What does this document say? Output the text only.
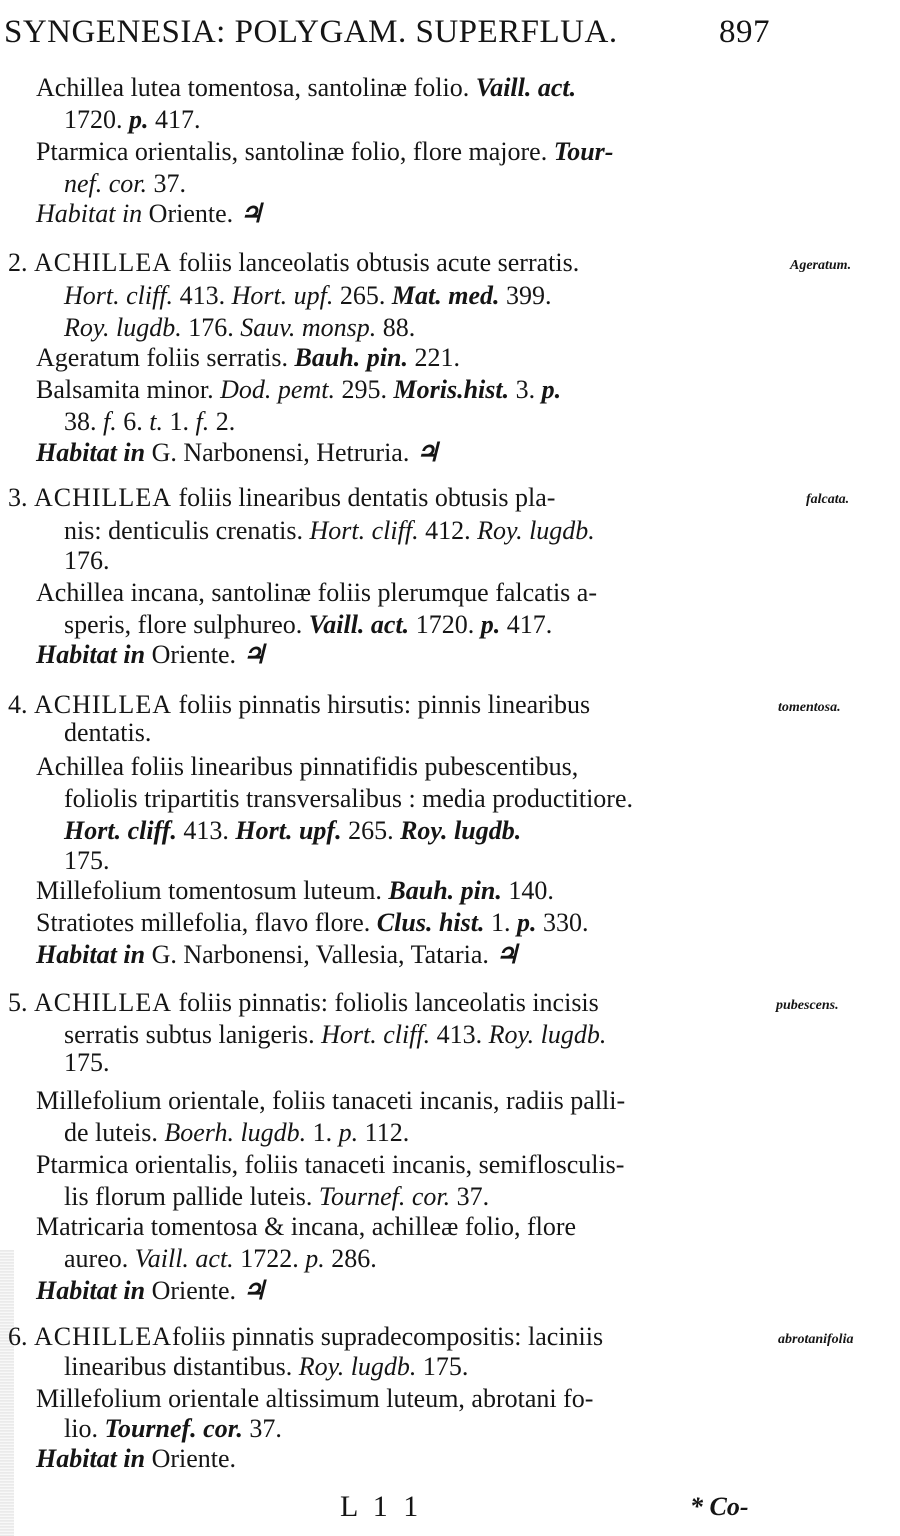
SYNGENESIA: POLYGAM. SUPERFLUA.	897
Achillea lutea tomentosa, santolinæ folio. Vaill. act.
1720. p. 417.
Ptarmica orientalis, santolinæ folio, flore majore. Tour-
nef. cor. 37.
Habitat in Oriente. ♃
2. ACHILLEA foliis lanceolatis obtusis acute serratis.	Ageratum.
Hort. cliff. 413. Hort. upf. 265. Mat. med. 399.
Roy. lugdb. 176. Sauv. monsp. 88.
Ageratum foliis serratis. Bauh. pin. 221.
Balsamita minor. Dod. pemt. 295. Moris.hist. 3. p.
38. f. 6. t. 1. f. 2.
Habitat in G. Narbonensi, Hetruria. ♃
3. ACHILLEA foliis linearibus dentatis obtusis pla-	falcata.
nis: denticulis crenatis. Hort. cliff. 412. Roy. lugdb.
176.
Achillea incana, santolinæ foliis plerumque falcatis a-
speris, flore sulphureo. Vaill. act. 1720. p. 417.
Habitat in Oriente. ♃
4. ACHILLEA foliis pinnatis hirsutis: pinnis linearibus	tomentosa.
dentatis.
Achillea foliis linearibus pinnatifidis pubescentibus,
foliolis tripartitis transversalibus : media productitiore.
Hort. cliff. 413. Hort. upf. 265. Roy. lugdb.
175.
Millefolium tomentosum luteum. Bauh. pin. 140.
Stratiotes millefolia, flavo flore. Clus. hist. 1. p. 330.
Habitat in G. Narbonensi, Vallesia, Tataria. ♃
5. ACHILLEA foliis pinnatis: foliolis lanceolatis incisis	pubescens.
serratis subtus lanigeris. Hort. cliff. 413. Roy. lugdb.
175.
Millefolium orientale, foliis tanaceti incanis, radiis palli-
de luteis. Boerh. lugdb. 1. p. 112.
Ptarmica orientalis, foliis tanaceti incanis, semiflosculis-
lis florum pallide luteis. Tournef. cor. 37.
Matricaria tomentosa & incana, achilleæ folio, flore
aureo. Vaill. act. 1722. p. 286.
Habitat in Oriente. ♃
6. ACHILLEAfoliis pinnatis supradecompositis: laciniis	abrotanifolia
linearibus distantibus. Roy. lugdb. 175.
Millefolium orientale altissimum luteum, abrotani fo-
lio. Tournef. cor. 37.
Habitat in Oriente.
L 1 1	* Co-
